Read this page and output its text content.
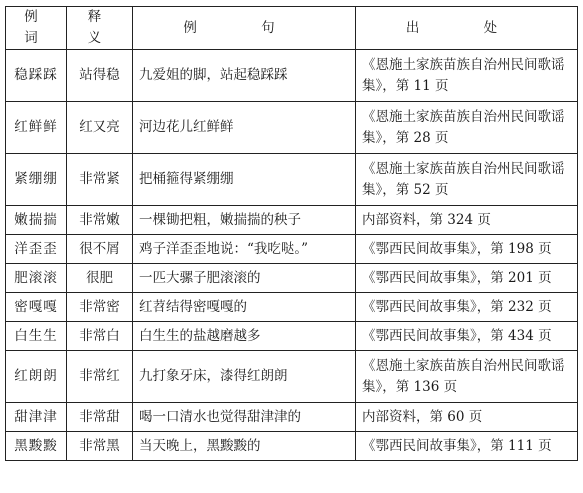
例 词	释 义	例 句	出 处
稳踩踩	站得稳	九爱姐的脚，站起稳踩踩	《恩施土家族苗族自治州民间歌谣集》，第 11 页
红鲜鲜	红又亮	河边花儿红鲜鲜	《恩施土家族苗族自治州民间歌谣集》，第 28 页
紧绷绷	非常紧	把桶箍得紧绷绷	《恩施土家族苗族自治州民间歌谣集》，第 52 页
嫩揣揣	非常嫩	一棵锄把粗，嫩揣揣的秧子	内部资料，第 324 页
洋歪歪	很不屑	鸡子洋歪歪地说：“我吃哒。”	《鄂西民间故事集》，第 198 页
肥滚滚	很肥	一匹大骡子肥滚滚的	《鄂西民间故事集》，第 201 页
密嘎嘎	非常密	红苕结得密嘎嘎的	《鄂西民间故事集》，第 232 页
白生生	非常白	白生生的盐越磨越多	《鄂西民间故事集》，第 434 页
红朗朗	非常红	九打象牙床，漆得红朗朗	《恩施土家族苗族自治州民间歌谣集》，第 136 页
甜津津	非常甜	喝一口清水也觉得甜津津的	内部资料，第 60 页
黑黢黢	非常黑	当天晚上，黑黢黢的	《鄂西民间故事集》，第 111 页
